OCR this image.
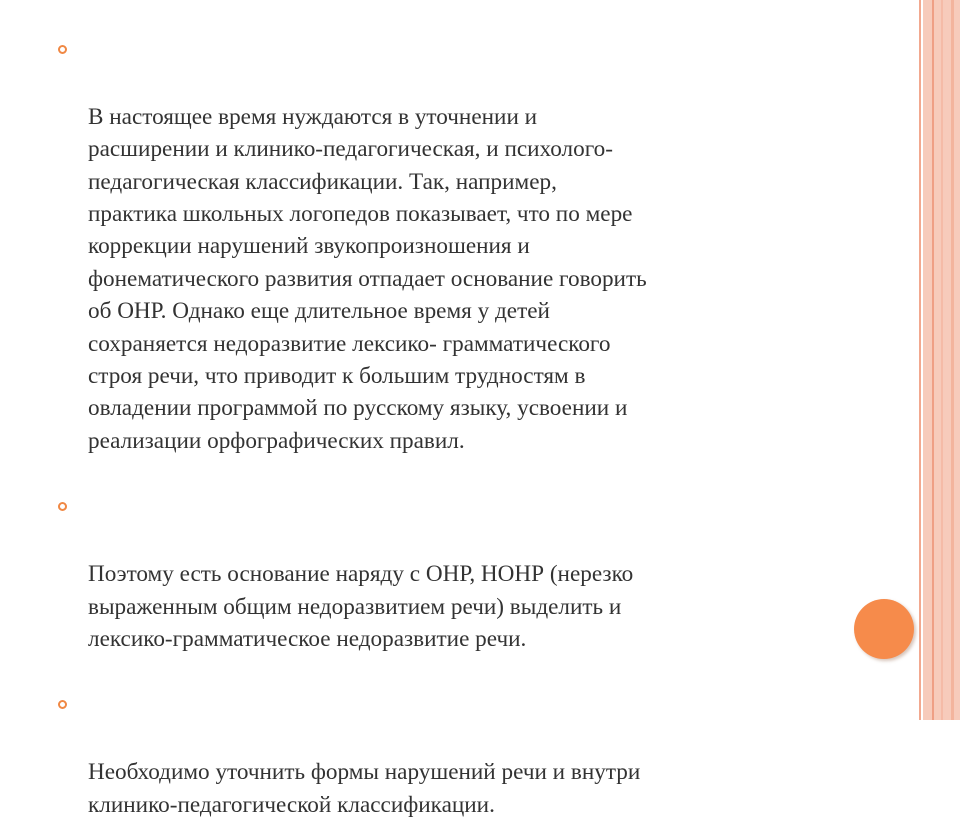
В настоящее время нуждаются в уточнении и
расширении и клинико-педагогическая, и психолого-
педагогическая классификации. Так, например,
практика школьных логопедов показывает, что по мере
коррекции нарушений звукопроизношения и
фонематического развития отпадает основание говорить
об ОНР. Однако еще длительное время у детей
сохраняется недоразвитие лексико- грамматического
строя речи, что приводит к большим трудностям в
овладении программой по русскому языку, усвоении и
реализации орфографических правил.

Поэтому есть основание наряду с ОНР, НОНР (нерезко
выраженным общим недоразвитием речи) выделить и
лексико-грамматическое недоразвитие речи.

Необходимо уточнить формы нарушений речи и внутри
клинико-педагогической классификации.
